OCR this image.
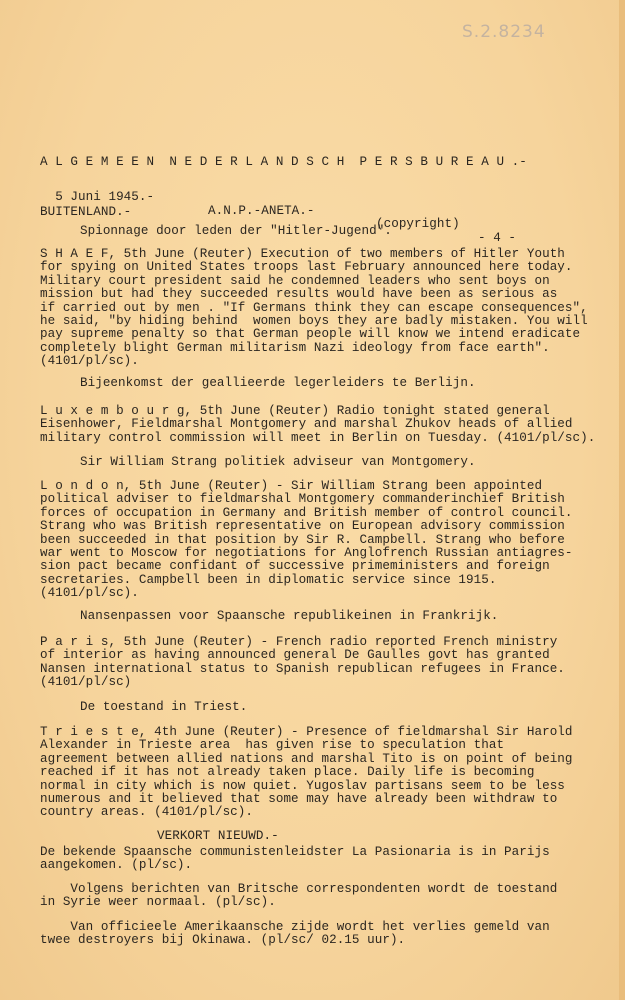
S.2.8234
A L G E M E E N  N E D E R L A N D S C H  P E R S B U R E A U .-

5 Juni 1945.-

A.N.P.-ANETA.-

(copyright)

- 4 -

BUITENLAND.-
Spionnage door leden der "Hitler-Jugend".
S H A E F, 5th June (Reuter) Execution of two members of Hitler Youth
for spying on United States troops last February announced here today.
Military court president said he condemned leaders who sent boys on
mission but had they succeeded results would have been as serious as
if carried out by men . "If Germans think they can escape consequences",
he said, "by hiding behind  women boys they are badly mistaken. You will
pay supreme penalty so that German people will know we intend eradicate
completely blight German militarism Nazi ideology from face earth".
(4101/pl/sc).
Bijeenkomst der geallieerde legerleiders te Berlijn.
L u x e m b o u r g, 5th June (Reuter) Radio tonight stated general
Eisenhower, Fieldmarshal Montgomery and marshal Zhukov heads of allied
military control commission will meet in Berlin on Tuesday. (4101/pl/sc).
Sir William Strang politiek adviseur van Montgomery.
L o n d o n, 5th June (Reuter) - Sir William Strang been appointed
political adviser to fieldmarshal Montgomery commanderinchief British
forces of occupation in Germany and British member of control council.
Strang who was British representative on European advisory commission
been succeeded in that position by Sir R. Campbell. Strang who before
war went to Moscow for negotiations for Anglofrench Russian antiagres-
sion pact became confidant of successive primeministers and foreign
secretaries. Campbell been in diplomatic service since 1915.
(4101/pl/sc).
Nansenpassen voor Spaansche republikeinen in Frankrijk.
P a r i s, 5th June (Reuter) - French radio reported French ministry
of interior as having announced general De Gaulles govt has granted
Nansen international status to Spanish republican refugees in France.
(4101/pl/sc)
De toestand in Triest.
T r i e s t e, 4th June (Reuter) - Presence of fieldmarshal Sir Harold
Alexander in Trieste area  has given rise to speculation that
agreement between allied nations and marshal Tito is on point of being
reached if it has not already taken place. Daily life is becoming
normal in city which is now quiet. Yugoslav partisans seem to be less
numerous and it believed that some may have already been withdraw to
country areas. (4101/pl/sc).
VERKORT NIEUWD.-
De bekende Spaansche communistenleidster La Pasionaria is in Parijs
aangekomen. (pl/sc).
Volgens berichten van Britsche correspondenten wordt de toestand
in Syrie weer normaal. (pl/sc).
Van officieele Amerikaansche zijde wordt het verlies gemeld van
twee destroyers bij Okinawa. (pl/sc/ 02.15 uur).
